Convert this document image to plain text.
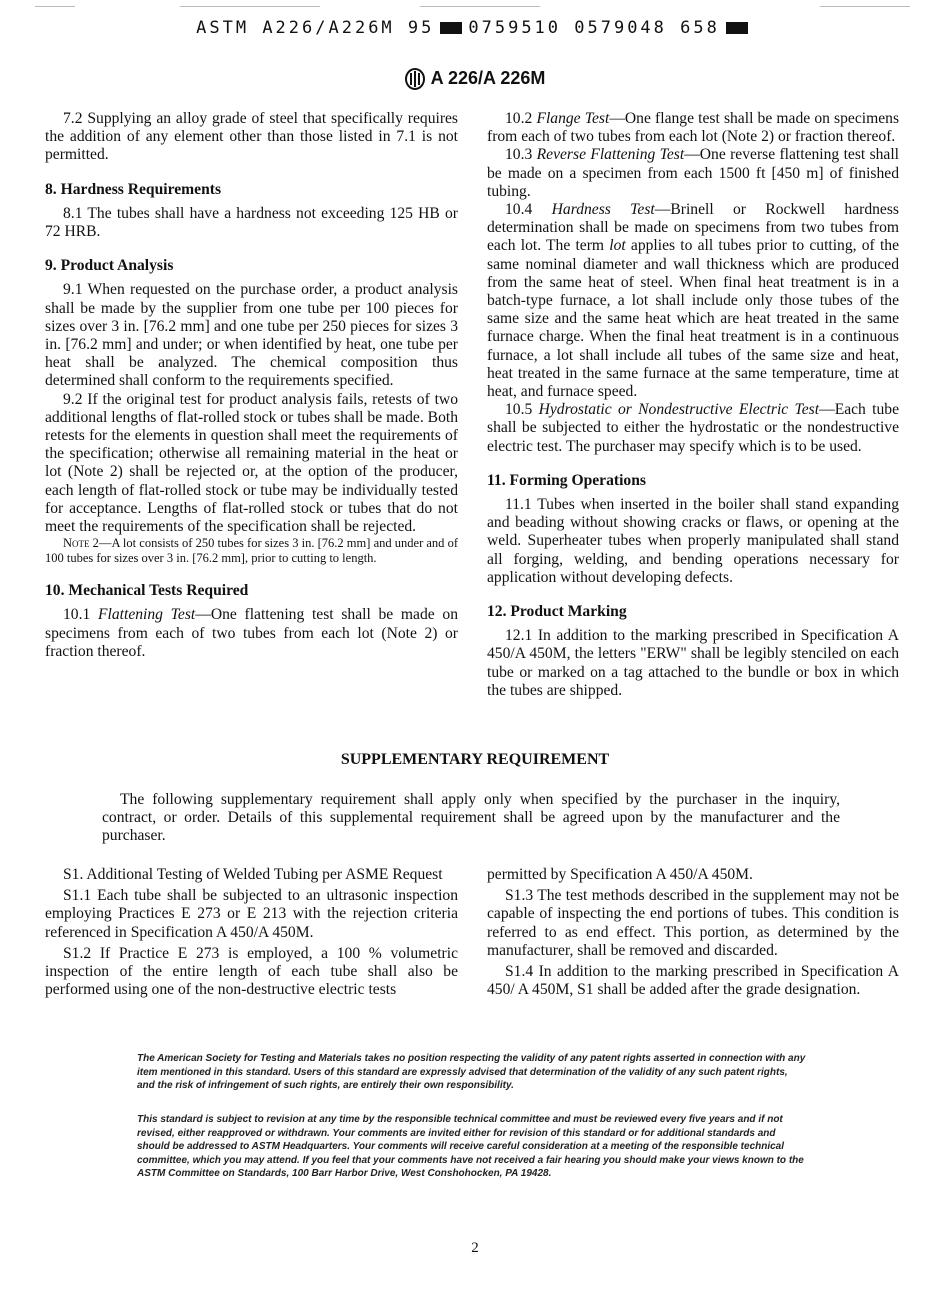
ASTM A226/A226M 95 0759510 0579048 658
A 226/A 226M

7.2 Supplying an alloy grade of steel that specifically requires the addition of any element other than those listed in 7.1 is not permitted.

8. Hardness Requirements

8.1 The tubes shall have a hardness not exceeding 125 HB or 72 HRB.

9. Product Analysis

9.1 When requested on the purchase order, a product analysis shall be made by the supplier from one tube per 100 pieces for sizes over 3 in. [76.2 mm] and one tube per 250 pieces for sizes 3 in. [76.2 mm] and under; or when identified by heat, one tube per heat shall be analyzed. The chemical composition thus determined shall conform to the requirements specified.

9.2 If the original test for product analysis fails, retests of two additional lengths of flat-rolled stock or tubes shall be made. Both retests for the elements in question shall meet the requirements of the specification; otherwise all remaining material in the heat or lot (Note 2) shall be rejected or, at the option of the producer, each length of flat-rolled stock or tube may be individually tested for acceptance. Lengths of flat-rolled stock or tubes that do not meet the requirements of the specification shall be rejected.

Note 2—A lot consists of 250 tubes for sizes 3 in. [76.2 mm] and under and of 100 tubes for sizes over 3 in. [76.2 mm], prior to cutting to length.

10. Mechanical Tests Required

10.1 Flattening Test—One flattening test shall be made on specimens from each of two tubes from each lot (Note 2) or fraction thereof.

10.2 Flange Test—One flange test shall be made on specimens from each of two tubes from each lot (Note 2) or fraction thereof.

10.3 Reverse Flattening Test—One reverse flattening test shall be made on a specimen from each 1500 ft [450 m] of finished tubing.

10.4 Hardness Test—Brinell or Rockwell hardness determination shall be made on specimens from two tubes from each lot. The term lot applies to all tubes prior to cutting, of the same nominal diameter and wall thickness which are produced from the same heat of steel. When final heat treatment is in a batch-type furnace, a lot shall include only those tubes of the same size and the same heat which are heat treated in the same furnace charge. When the final heat treatment is in a continuous furnace, a lot shall include all tubes of the same size and heat, heat treated in the same furnace at the same temperature, time at heat, and furnace speed.

10.5 Hydrostatic or Nondestructive Electric Test—Each tube shall be subjected to either the hydrostatic or the nondestructive electric test. The purchaser may specify which is to be used.

11. Forming Operations

11.1 Tubes when inserted in the boiler shall stand expanding and beading without showing cracks or flaws, or opening at the weld. Superheater tubes when properly manipulated shall stand all forging, welding, and bending operations necessary for application without developing defects.

12. Product Marking

12.1 In addition to the marking prescribed in Specification A 450/A 450M, the letters "ERW" shall be legibly stenciled on each tube or marked on a tag attached to the bundle or box in which the tubes are shipped.

SUPPLEMENTARY REQUIREMENT
The following supplementary requirement shall apply only when specified by the purchaser in the inquiry, contract, or order. Details of this supplemental requirement shall be agreed upon by the manufacturer and the purchaser.

S1. Additional Testing of Welded Tubing per ASME Request

S1.1 Each tube shall be subjected to an ultrasonic inspection employing Practices E 273 or E 213 with the rejection criteria referenced in Specification A 450/A 450M.

S1.2 If Practice E 273 is employed, a 100 % volumetric inspection of the entire length of each tube shall also be performed using one of the non-destructive electric tests

permitted by Specification A 450/A 450M.

S1.3 The test methods described in the supplement may not be capable of inspecting the end portions of tubes. This condition is referred to as end effect. This portion, as determined by the manufacturer, shall be removed and discarded.

S1.4 In addition to the marking prescribed in Specification A 450/ A 450M, S1 shall be added after the grade designation.

The American Society for Testing and Materials takes no position respecting the validity of any patent rights asserted in connection with any item mentioned in this standard. Users of this standard are expressly advised that determination of the validity of any such patent rights, and the risk of infringement of such rights, are entirely their own responsibility.
This standard is subject to revision at any time by the responsible technical committee and must be reviewed every five years and if not revised, either reapproved or withdrawn. Your comments are invited either for revision of this standard or for additional standards and should be addressed to ASTM Headquarters. Your comments will receive careful consideration at a meeting of the responsible technical committee, which you may attend. If you feel that your comments have not received a fair hearing you should make your views known to the ASTM Committee on Standards, 100 Barr Harbor Drive, West Conshohocken, PA 19428.
2
